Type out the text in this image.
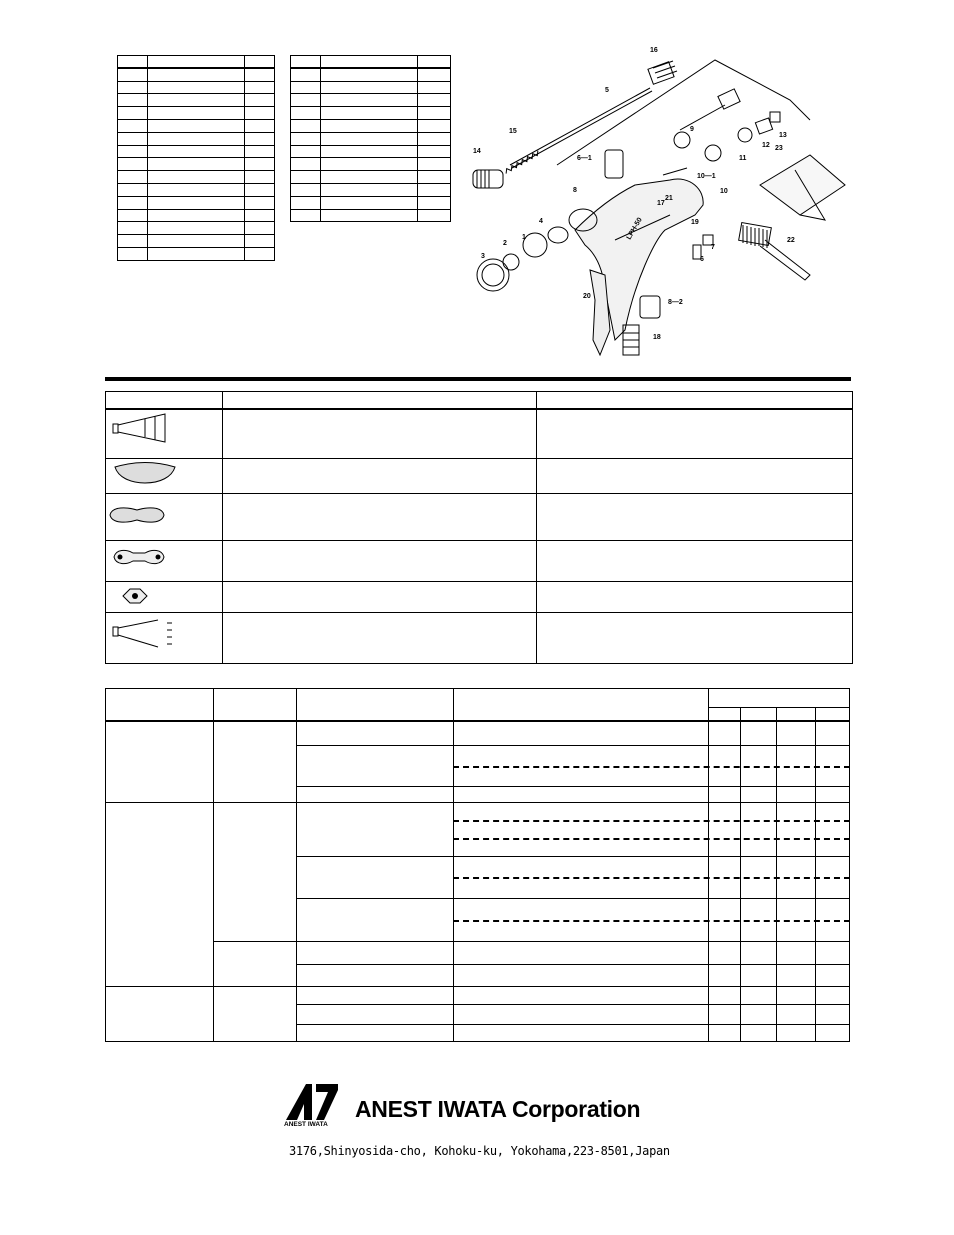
LPH-50
16
5
15	9
14
6—1
8
4
1
2
3
20
13
12 23
11
10—1
10
17
21
19
7
6
22
8—2
18
ANEST IWATA
ANEST IWATA Corporation
3176,Shinyosida-cho, Kohoku-ku, Yokohama,223-8501,Japan
